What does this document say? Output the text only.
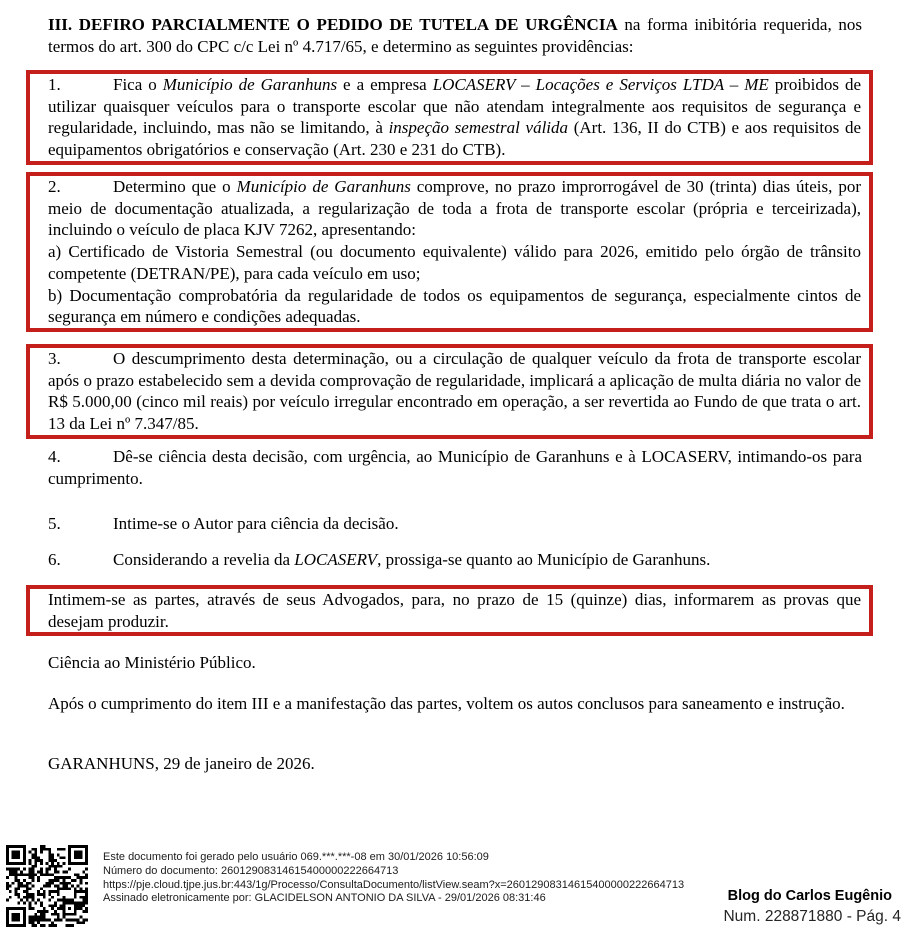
III. DEFIRO PARCIALMENTE O PEDIDO DE TUTELA DE URGÊNCIA na forma inibitória requerida, nos termos do art. 300 do CPC c/c Lei nº 4.717/65, e determino as seguintes providências:
1.	Fica o Município de Garanhuns e a empresa LOCASERV – Locações e Serviços LTDA – ME proibidos de utilizar quaisquer veículos para o transporte escolar que não atendam integralmente aos requisitos de segurança e regularidade, incluindo, mas não se limitando, à inspeção semestral válida (Art. 136, II do CTB) e aos requisitos de equipamentos obrigatórios e conservação (Art. 230 e 231 do CTB).
2.	Determino que o Município de Garanhuns comprove, no prazo improrrogável de 30 (trinta) dias úteis, por meio de documentação atualizada, a regularização de toda a frota de transporte escolar (própria e terceirizada), incluindo o veículo de placa KJV 7262, apresentando:
a) Certificado de Vistoria Semestral (ou documento equivalente) válido para 2026, emitido pelo órgão de trânsito competente (DETRAN/PE), para cada veículo em uso;
b) Documentação comprobatória da regularidade de todos os equipamentos de segurança, especialmente cintos de segurança em número e condições adequadas.
3.	O descumprimento desta determinação, ou a circulação de qualquer veículo da frota de transporte escolar após o prazo estabelecido sem a devida comprovação de regularidade, implicará a aplicação de multa diária no valor de R$ 5.000,00 (cinco mil reais) por veículo irregular encontrado em operação, a ser revertida ao Fundo de que trata o art. 13 da Lei nº 7.347/85.
4.	Dê-se ciência desta decisão, com urgência, ao Município de Garanhuns e à LOCASERV, intimando-os para cumprimento.
5.	Intime-se o Autor para ciência da decisão.
6.	Considerando a revelia da LOCASERV, prossiga-se quanto ao Município de Garanhuns.
Intimem-se as partes, através de seus Advogados, para, no prazo de 15 (quinze) dias, informarem as provas que desejam produzir.
Ciência ao Ministério Público.
Após o cumprimento do item III e a manifestação das partes, voltem os autos conclusos para saneamento e instrução.
GARANHUNS, 29 de janeiro de 2026.
Este documento foi gerado pelo usuário 069.***.***-08 em 30/01/2026 10:56:09
Número do documento: 26012908314615400000222664713
https://pje.cloud.tjpe.jus.br:443/1g/Processo/ConsultaDocumento/listView.seam?x=26012908314615400000222664713
Assinado eletronicamente por: GLACIDELSON ANTONIO DA SILVA - 29/01/2026 08:31:46	Blog do Carlos Eugênio
Num. 228871880 - Pág. 4
